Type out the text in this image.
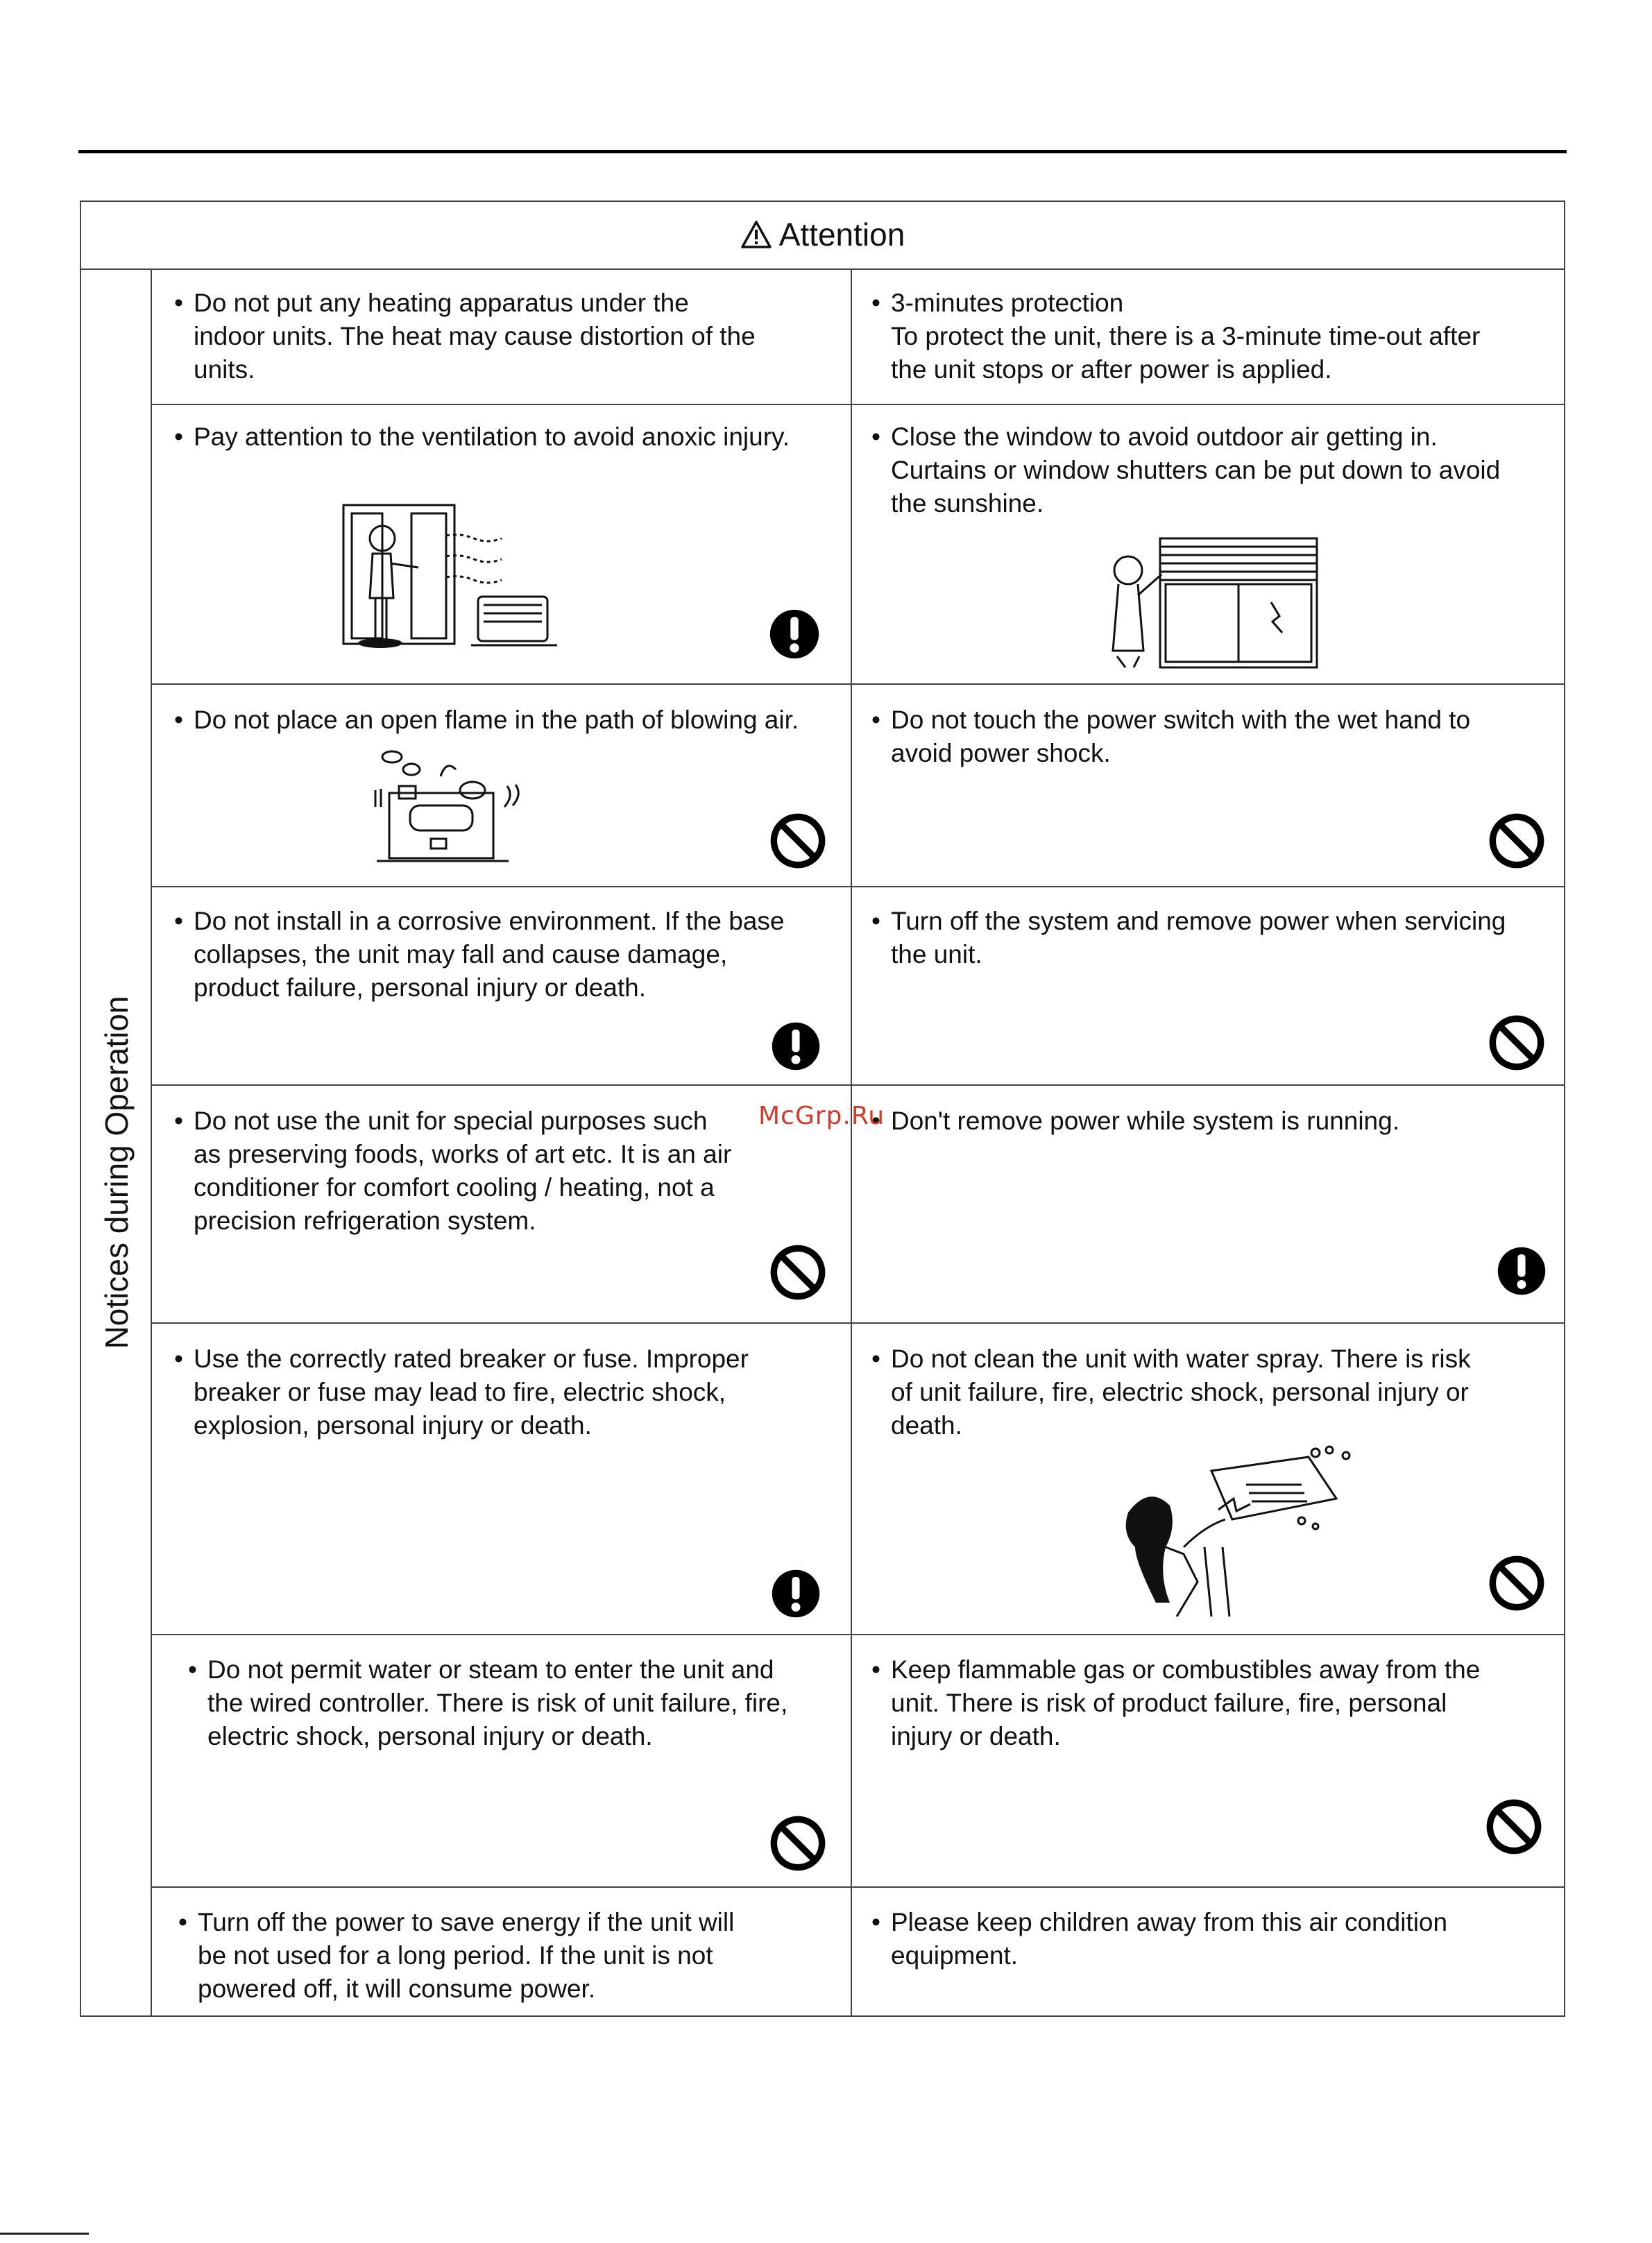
Attention
Notices during Operation
• Do not put any heating apparatus under the
indoor units. The heat may cause distortion of the
units.
• 3-minutes protection
To protect the unit, there is a 3-minute time-out after
the unit stops or after power is applied.
• Pay attention to the ventilation to avoid anoxic injury.	• Close the window to avoid outdoor air getting in.
Curtains or window shutters can be put down to avoid
the sunshine.
• Do not place an open flame in the path of blowing air.	• Do not touch the power switch with the wet hand to
avoid power shock.
• Do not install in a corrosive environment. If the base
collapses, the unit may fall and cause damage,
product failure, personal injury or death.
• Turn off the system and remove power when servicing
the unit.
• Do not use the unit for special purposes such
as preserving foods, works of art etc. It is an air
conditioner for comfort cooling / heating, not a
precision refrigeration system.
• Don't remove power while system is running.
• Use the correctly rated breaker or fuse. Improper
breaker or fuse may lead to fire, electric shock,
explosion, personal injury or death.
• Do not clean the unit with water spray. There is risk
of unit failure, fire, electric shock, personal injury or
death.
• Do not permit water or steam to enter the unit and
the wired controller. There is risk of unit failure, fire,
electric shock, personal injury or death.
• Keep flammable gas or combustibles away from the
unit. There is risk of product failure, fire, personal
injury or death.
• Turn off the power to save energy if the unit will
be not used for a long period. If the unit is not
powered off, it will consume power.
• Please keep children away from this air condition
equipment.
McGrp.Ru
